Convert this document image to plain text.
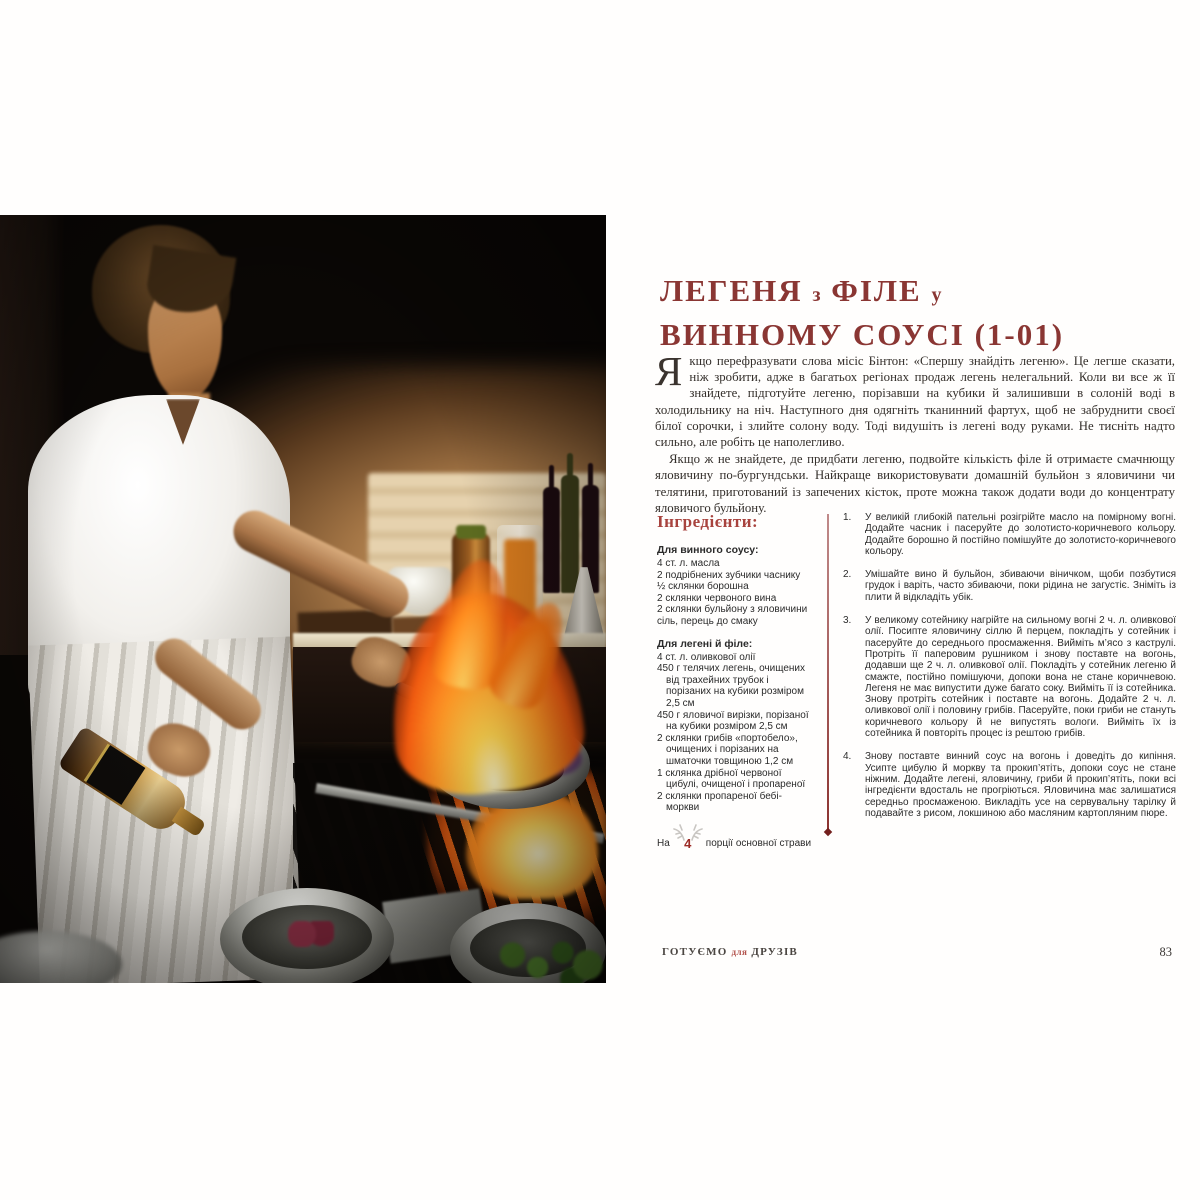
ЛЕГЕНЯ з ФІЛЕ у
ВИННОМУ СОУСІ (1-01)

Якщо перефразувати слова місіс Бінтон: «Спершу знайдіть легеню». Це легше сказати, ніж зробити, адже в багатьох регіонах продаж легень нелегальний. Коли ви все ж її знайдете, підготуйте легеню, порізавши на кубики й залишивши в солоній воді в холодильнику на ніч. Наступного дня одягніть тканинний фартух, щоб не забруднити своєї білої сорочки, і злийте солону воду. Тоді видушіть із легені воду руками. Не тисніть надто сильно, але робіть це наполегливо.

Якщо ж не знайдете, де придбати легеню, подвойте кількість філе й отримаєте смачнющу яловичину по-бургундськи. Найкраще використовувати домашній бульйон з яловичини чи телятини, приготований із запечених кісток, проте можна також додати води до концентрату яловичого бульйону.

Інгредієнти:
Для винного соусу:
4 ст. л. масла
2 подрібнених зубчики часнику
½ склянки борошна
2 склянки червоного вина
2 склянки бульйону з яловичини
сіль, перець до смаку
Для легені й філе:
4 ст. л. оливкової олії
450 г телячих легень, очищених від трахейних трубок і порізаних на кубики розміром 2,5 см
450 г яловичої вирізки, порізаної на кубики розміром 2,5 см
2 склянки грибів «портобело», очищених і порізаних на шматочки товщиною 1,2 см
1 склянка дрібної червоної цибулі, очищеної і пропареної
2 склянки пропареної бебі-моркви
На	4	порції основної страви
1.	У великій глибокій пательні розігрійте масло на помірному вогні. Додайте часник і пасеруйте до золотисто-коричневого кольору. Додайте борошно й постійно помішуйте до золотисто-коричневого кольору.

2.	Умішайте вино й бульйон, збиваючи віничком, щоби позбутися грудок і варіть, часто збиваючи, поки рідина не загустіє. Зніміть із плити й відкладіть убік.

3.	У великому сотейнику нагрійте на сильному вогні 2 ч. л. оливкової олії. Посипте яловичину сіллю й перцем, покладіть у сотейник і пасеруйте до середнього просмаження. Вийміть м’ясо з каструлі. Протріть її паперовим рушником і знову поставте на вогонь, додавши ще 2 ч. л. оливкової олії. Покладіть у сотейник легеню й смажте, постійно помішуючи, допоки вона не стане коричневою. Легеня не має випустити дуже багато соку. Вийміть її із сотейника. Знову протріть сотейник і поставте на вогонь. Додайте 2 ч. л. оливкової олії і половину грибів. Пасеруйте, поки гриби не стануть коричневого кольору й не випустять вологи. Вийміть їх із сотейника й повторіть процес із рештою грибів.

4.	Знову поставте винний соус на вогонь і доведіть до кипіння. Усипте цибулю й моркву та прокип’ятіть, допоки соус не стане ніжним. Додайте легені, яловичину, гриби й прокип’ятіть, поки всі інгредієнти вдосталь не прогріються. Яловичина має залишатися середньо просмаженою. Викладіть усе на сервувальну тарілку й подавайте з рисом, локшиною або масляним картопляним пюре.

ГОТУЄМО для ДРУЗІВ	83
